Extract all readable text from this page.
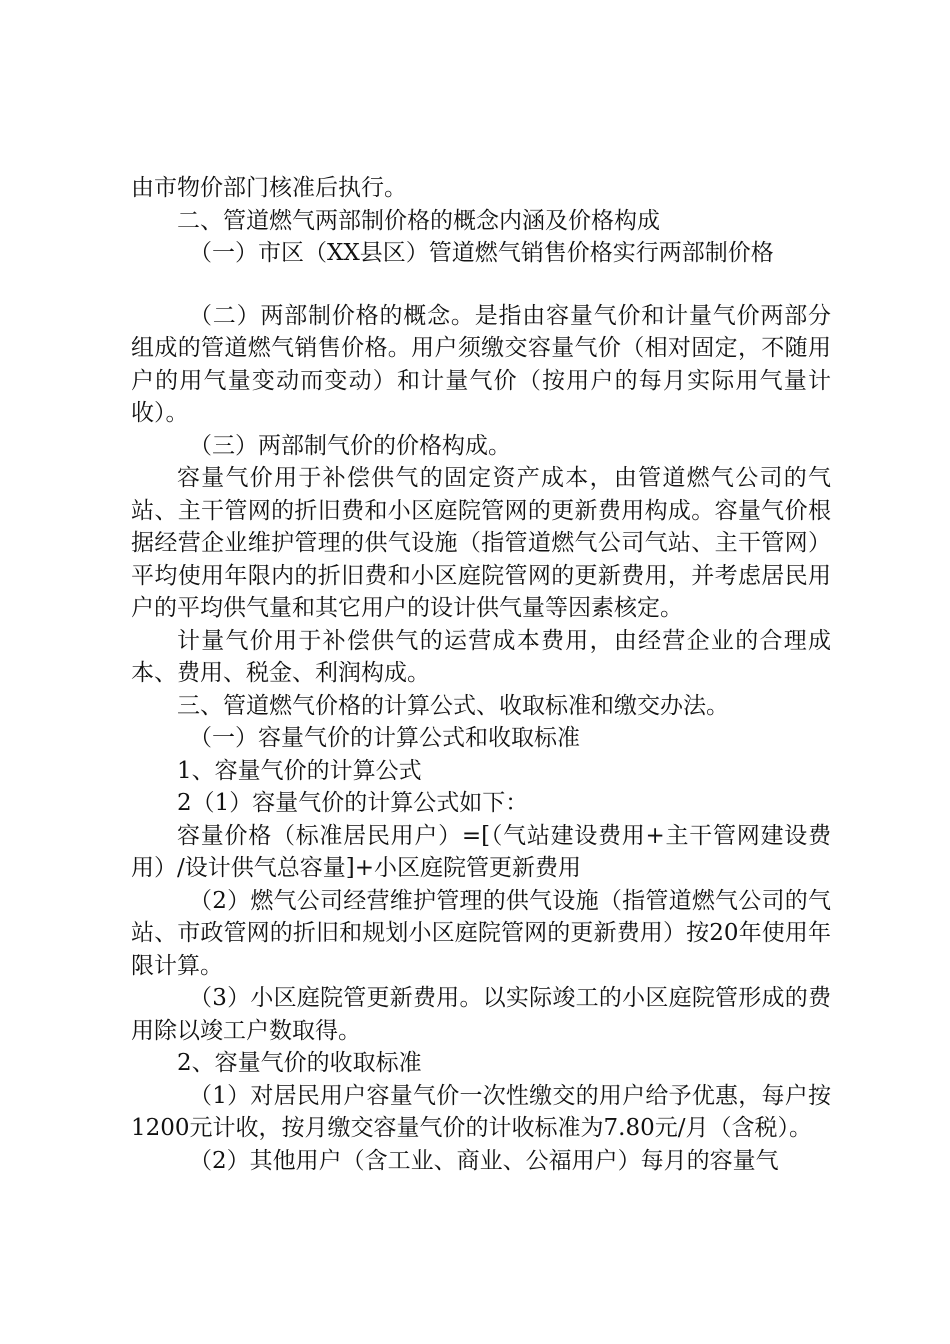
由市物价部门核准后执行。

二、管道燃气两部制价格的概念内涵及价格构成

（一）市区（XX县区）管道燃气销售价格实行两部制价格

（二）两部制价格的概念。是指由容量气价和计量气价两部分组成的管道燃气销售价格。用户须缴交容量气价（相对固定，不随用户的用气量变动而变动）和计量气价（按用户的每月实际用气量计收）。

（三）两部制气价的价格构成。

容量气价用于补偿供气的固定资产成本，由管道燃气公司的气站、主干管网的折旧费和小区庭院管网的更新费用构成。容量气价根据经营企业维护管理的供气设施（指管道燃气公司气站、主干管网）平均使用年限内的折旧费和小区庭院管网的更新费用，并考虑居民用户的平均供气量和其它用户的设计供气量等因素核定。

计量气价用于补偿供气的运营成本费用，由经营企业的合理成本、费用、税金、利润构成。

三、管道燃气价格的计算公式、收取标准和缴交办法。

（一）容量气价的计算公式和收取标准

1、容量气价的计算公式

2（1）容量气价的计算公式如下：

容量价格（标准居民用户）=[（气站建设费用+主干管网建设费用）/设计供气总容量]+小区庭院管更新费用

（2）燃气公司经营维护管理的供气设施（指管道燃气公司的气站、市政管网的折旧和规划小区庭院管网的更新费用）按20年使用年限计算。

（3）小区庭院管更新费用。以实际竣工的小区庭院管形成的费用除以竣工户数取得。

2、容量气价的收取标准

（1）对居民用户容量气价一次性缴交的用户给予优惠，每户按1200元计收，按月缴交容量气价的计收标准为7.80元/月（含税）。

（2）其他用户（含工业、商业、公福用户）每月的容量气
